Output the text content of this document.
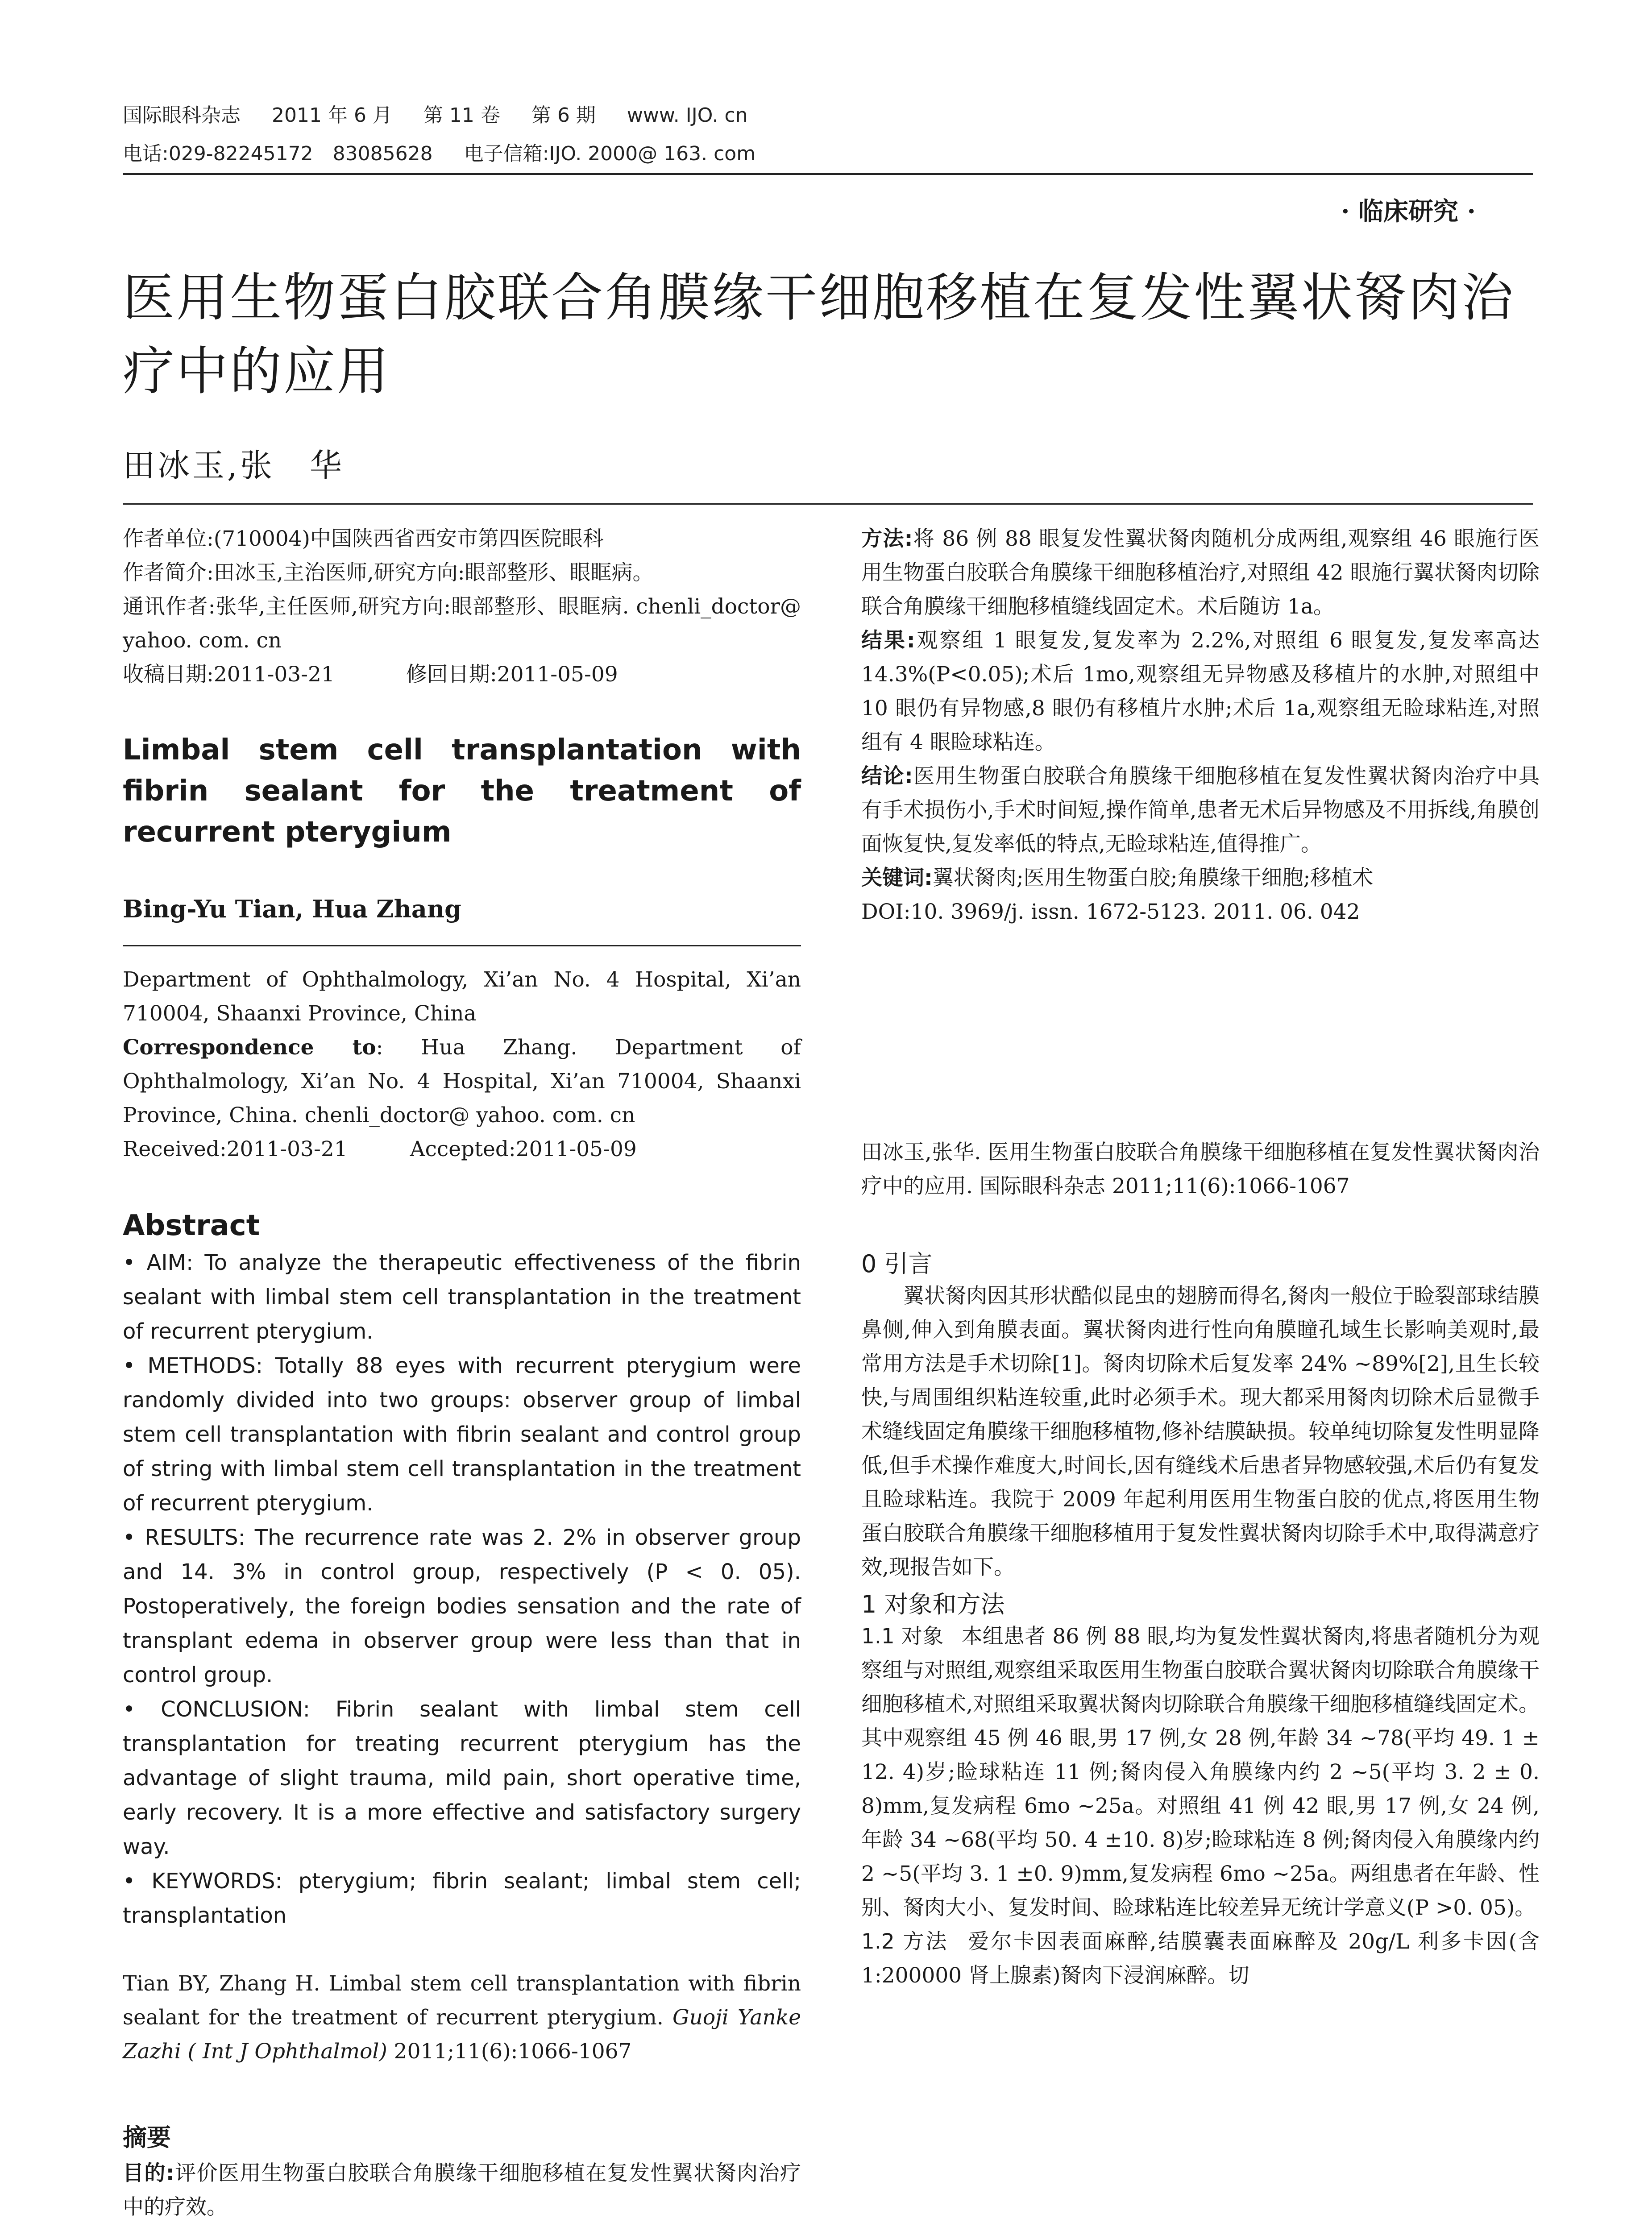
国际眼科杂志 2011 年 6 月 第 11 卷 第 6 期 www. IJO. cn
电话:029-82245172　83085628 电子信箱:IJO. 2000@ 163. com
· 临床研究 ·
医用生物蛋白胶联合角膜缘干细胞移植在复发性翼状胬肉治疗中的应用
田冰玉,张　华

作者单位:(710004)中国陕西省西安市第四医院眼科

作者简介:田冰玉,主治医师,研究方向:眼部整形、眼眶病。

通讯作者:张华,主任医师,研究方向:眼部整形、眼眶病. chenli_doctor@ yahoo. com. cn

收稿日期:2011-03-21	修回日期:2011-05-09

Limbal stem cell transplantation with fibrin sealant for the treatment of recurrent pterygium
Bing-Yu Tian, Hua Zhang

Department of Ophthalmology, Xi’an No. 4 Hospital, Xi’an 710004, Shaanxi Province, China

Correspondence to: Hua Zhang. Department of Ophthalmology, Xi’an No. 4 Hospital, Xi’an 710004, Shaanxi Province, China. chenli_doctor@ yahoo. com. cn

Received:2011-03-21	Accepted:2011-05-09

Abstract

• AIM: To analyze the therapeutic effectiveness of the fibrin sealant with limbal stem cell transplantation in the treatment of recurrent pterygium.

• METHODS: Totally 88 eyes with recurrent pterygium were randomly divided into two groups: observer group of limbal stem cell transplantation with fibrin sealant and control group of string with limbal stem cell transplantation in the treatment of recurrent pterygium.

• RESULTS: The recurrence rate was 2. 2% in observer group and 14. 3% in control group, respectively (P < 0. 05). Postoperatively, the foreign bodies sensation and the rate of transplant edema in observer group were less than that in control group.

• CONCLUSION: Fibrin sealant with limbal stem cell transplantation for treating recurrent pterygium has the advantage of slight trauma, mild pain, short operative time, early recovery. It is a more effective and satisfactory surgery way.

• KEYWORDS: pterygium; fibrin sealant; limbal stem cell; transplantation

Tian BY, Zhang H. Limbal stem cell transplantation with fibrin sealant for the treatment of recurrent pterygium. Guoji Yanke Zazhi ( Int J Ophthalmol) 2011;11(6):1066-1067

摘要

目的:评价医用生物蛋白胶联合角膜缘干细胞移植在复发性翼状胬肉治疗中的疗效。

方法:将 86 例 88 眼复发性翼状胬肉随机分成两组,观察组 46 眼施行医用生物蛋白胶联合角膜缘干细胞移植治疗,对照组 42 眼施行翼状胬肉切除联合角膜缘干细胞移植缝线固定术。术后随访 1a。

结果:观察组 1 眼复发,复发率为 2.2%,对照组 6 眼复发,复发率高达 14.3%(P<0.05);术后 1mo,观察组无异物感及移植片的水肿,对照组中 10 眼仍有异物感,8 眼仍有移植片水肿;术后 1a,观察组无睑球粘连,对照组有 4 眼睑球粘连。

结论:医用生物蛋白胶联合角膜缘干细胞移植在复发性翼状胬肉治疗中具有手术损伤小,手术时间短,操作简单,患者无术后异物感及不用拆线,角膜创面恢复快,复发率低的特点,无睑球粘连,值得推广。

关键词:翼状胬肉;医用生物蛋白胶;角膜缘干细胞;移植术

DOI:10. 3969/j. issn. 1672-5123. 2011. 06. 042

田冰玉,张华. 医用生物蛋白胶联合角膜缘干细胞移植在复发性翼状胬肉治疗中的应用. 国际眼科杂志 2011;11(6):1066-1067

0 引言

翼状胬肉因其形状酷似昆虫的翅膀而得名,胬肉一般位于睑裂部球结膜鼻侧,伸入到角膜表面。翼状胬肉进行性向角膜瞳孔域生长影响美观时,最常用方法是手术切除[1]。胬肉切除术后复发率 24% ~89%[2],且生长较快,与周围组织粘连较重,此时必须手术。现大都采用胬肉切除术后显微手术缝线固定角膜缘干细胞移植物,修补结膜缺损。较单纯切除复发性明显降低,但手术操作难度大,时间长,因有缝线术后患者异物感较强,术后仍有复发且睑球粘连。我院于 2009 年起利用医用生物蛋白胶的优点,将医用生物蛋白胶联合角膜缘干细胞移植用于复发性翼状胬肉切除手术中,取得满意疗效,现报告如下。

1 对象和方法

1.1 对象 本组患者 86 例 88 眼,均为复发性翼状胬肉,将患者随机分为观察组与对照组,观察组采取医用生物蛋白胶联合翼状胬肉切除联合角膜缘干细胞移植术,对照组采取翼状胬肉切除联合角膜缘干细胞移植缝线固定术。其中观察组 45 例 46 眼,男 17 例,女 28 例,年龄 34 ~78(平均 49. 1 ± 12. 4)岁;睑球粘连 11 例;胬肉侵入角膜缘内约 2 ~5(平均 3. 2 ± 0. 8)mm,复发病程 6mo ~25a。对照组 41 例 42 眼,男 17 例,女 24 例,年龄 34 ~68(平均 50. 4 ±10. 8)岁;睑球粘连 8 例;胬肉侵入角膜缘内约 2 ~5(平均 3. 1 ±0. 9)mm,复发病程 6mo ~25a。两组患者在年龄、性别、胬肉大小、复发时间、睑球粘连比较差异无统计学意义(P >0. 05)。

1.2 方法 爱尔卡因表面麻醉,结膜囊表面麻醉及 20g/L 利多卡因(含 1:200000 肾上腺素)胬肉下浸润麻醉。切
